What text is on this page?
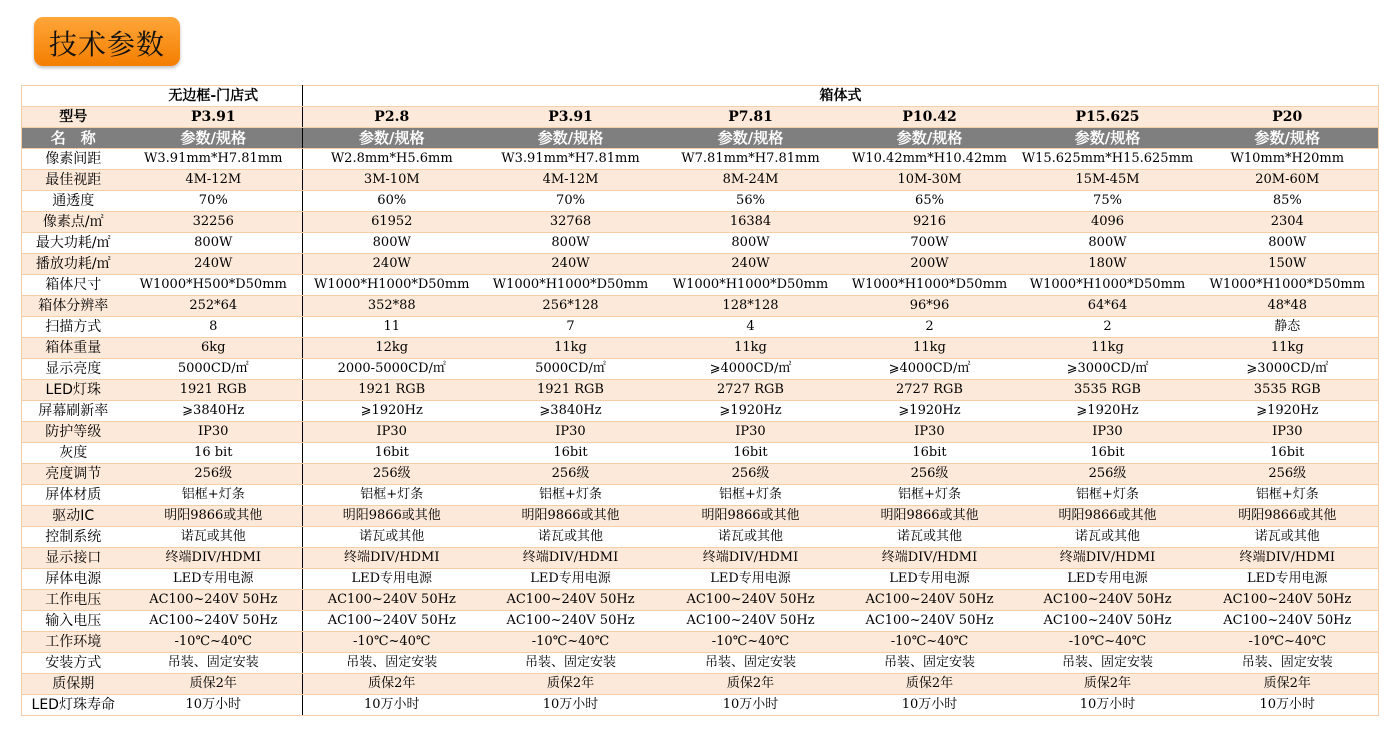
技术参数
	无边框-门店式	箱体式					
型号	P3.91	P2.8	P3.91	P7.81	P10.42	P15.625	P20
名　称	参数/规格	参数/规格	参数/规格	参数/规格	参数/规格	参数/规格	参数/规格
像素间距	W3.91mm*H7.81mm	W2.8mm*H5.6mm	W3.91mm*H7.81mm	W7.81mm*H7.81mm	W10.42mm*H10.42mm	W15.625mm*H15.625mm	W10mm*H20mm
最佳视距	4M-12M	3M-10M	4M-12M	8M-24M	10M-30M	15M-45M	20M-60M
通透度	70%	60%	70%	56%	65%	75%	85%
像素点/㎡	32256	61952	32768	16384	9216	4096	2304
最大功耗/㎡	800W	800W	800W	800W	700W	800W	800W
播放功耗/㎡	240W	240W	240W	240W	200W	180W	150W
箱体尺寸	W1000*H500*D50mm	W1000*H1000*D50mm	W1000*H1000*D50mm	W1000*H1000*D50mm	W1000*H1000*D50mm	W1000*H1000*D50mm	W1000*H1000*D50mm
箱体分辨率	252*64	352*88	256*128	128*128	96*96	64*64	48*48
扫描方式	8	11	7	4	2	2	静态
箱体重量	6kg	12kg	11kg	11kg	11kg	11kg	11kg
显示亮度	5000CD/㎡	2000-5000CD/㎡	5000CD/㎡	⩾4000CD/㎡	⩾4000CD/㎡	⩾3000CD/㎡	⩾3000CD/㎡
LED灯珠	1921 RGB	1921 RGB	1921 RGB	2727 RGB	2727 RGB	3535 RGB	3535 RGB
屏幕刷新率	⩾3840Hz	⩾1920Hz	⩾3840Hz	⩾1920Hz	⩾1920Hz	⩾1920Hz	⩾1920Hz
防护等级	IP30	IP30	IP30	IP30	IP30	IP30	IP30
灰度	16 bit	16bit	16bit	16bit	16bit	16bit	16bit
亮度调节	256级	256级	256级	256级	256级	256级	256级
屏体材质	铝框+灯条	铝框+灯条	铝框+灯条	铝框+灯条	铝框+灯条	铝框+灯条	铝框+灯条
驱动IC	明阳9866或其他	明阳9866或其他	明阳9866或其他	明阳9866或其他	明阳9866或其他	明阳9866或其他	明阳9866或其他
控制系统	诺瓦或其他	诺瓦或其他	诺瓦或其他	诺瓦或其他	诺瓦或其他	诺瓦或其他	诺瓦或其他
显示接口	终端DIV/HDMI	终端DIV/HDMI	终端DIV/HDMI	终端DIV/HDMI	终端DIV/HDMI	终端DIV/HDMI	终端DIV/HDMI
屏体电源	LED专用电源	LED专用电源	LED专用电源	LED专用电源	LED专用电源	LED专用电源	LED专用电源
工作电压	AC100~240V 50Hz	AC100~240V 50Hz	AC100~240V 50Hz	AC100~240V 50Hz	AC100~240V 50Hz	AC100~240V 50Hz	AC100~240V 50Hz
输入电压	AC100~240V 50Hz	AC100~240V 50Hz	AC100~240V 50Hz	AC100~240V 50Hz	AC100~240V 50Hz	AC100~240V 50Hz	AC100~240V 50Hz
工作环境	-10℃~40℃	-10℃~40℃	-10℃~40℃	-10℃~40℃	-10℃~40℃	-10℃~40℃	-10℃~40℃
安装方式	吊装、固定安装	吊装、固定安装	吊装、固定安装	吊装、固定安装	吊装、固定安装	吊装、固定安装	吊装、固定安装
质保期	质保2年	质保2年	质保2年	质保2年	质保2年	质保2年	质保2年
LED灯珠寿命	10万小时	10万小时	10万小时	10万小时	10万小时	10万小时	10万小时
